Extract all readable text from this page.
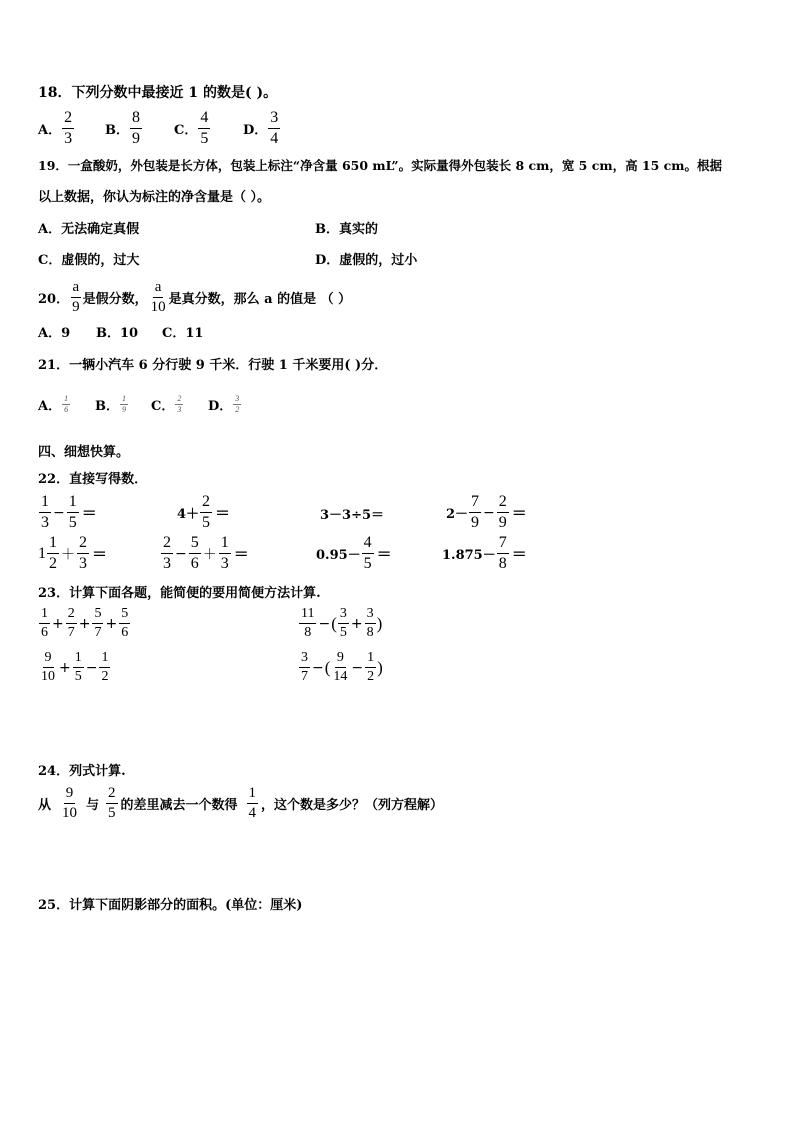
18．下列分数中最接近 1 的数是( )。
A． $\frac{2}{3}$ B． $\frac{8}{9}$ C． $\frac{4}{5}$	D． $\frac{3}{4}$
19．一盒酸奶，外包装是长方体，包装上标注“净含量 650 mL”。实际量得外包装长 8 cm，宽 5 cm，高 15 cm。根据
以上数据，你认为标注的净含量是（ ）。
A．无法确定真假	B．真实的
C．虚假的，过大	D．虚假的，过小
20． $\frac{a}{9}$ 是假分数， $\frac{a}{10}$ 是真分数，那么 a 的值是 （ ）
A．9	B．10	C．11
21．一辆小汽车 6 分行驶 9 千米．行驶 1 千米要用( )分．
A． $\frac{1}{6}$ B． $\frac{1}{9}$ C． $\frac{2}{3}$ D． $\frac{3}{2}$
四、细想快算。
22．直接写得数．
$\frac{1}{3} - \frac{1}{5}$ ＝	$4+ \frac{2}{5}$ ＝	3－3÷5＝	$2- \frac{7}{9} - \frac{2}{9}$ ＝
$1 \frac{1}{2} + \frac{2}{3}$ ＝	$\frac{2}{3} - \frac{5}{6} + \frac{1}{3}$ ＝	$0.95- \frac{4}{5}$ ＝	$1.875- \frac{7}{8}$ ＝
23．计算下面各题，能简便的要用简便方法计算.
$\frac{1}{6} + \frac{2}{7} + \frac{5}{7} + \frac{5}{6}$	$\frac{11}{8}$ − ( $\frac{3}{5} + \frac{3}{8}$ )
$\frac{9}{10} + \frac{1}{5} - \frac{1}{2}$	$\frac{3}{7}$ − ( $\frac{9}{14} - \frac{1}{2}$ )
24．列式计算.
从 $\frac{9}{10}$ 与 $\frac{2}{5}$ 的差里减去一个数得 $\frac{1}{4}$ ，这个数是多少？（列方程解）
25．计算下面阴影部分的面积。(单位：厘米)
